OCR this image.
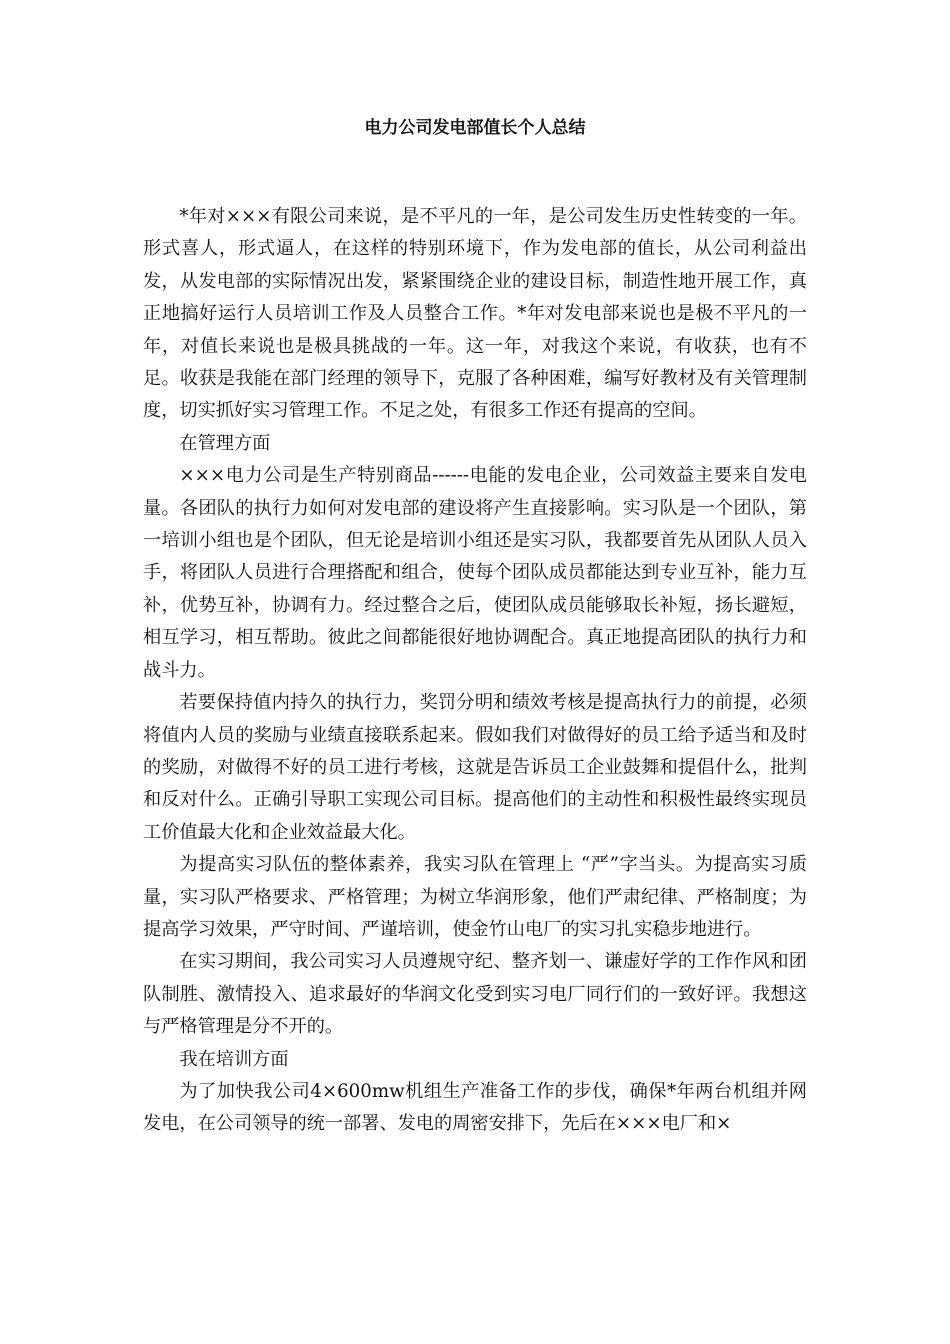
电力公司发电部值长个人总结

*年对×××有限公司来说，是不平凡的一年，是公司发生历史性转变的一年。形式喜人，形式逼人，在这样的特别环境下，作为发电部的值长，从公司利益出发，从发电部的实际情况出发，紧紧围绕企业的建设目标，制造性地开展工作，真正地搞好运行人员培训工作及人员整合工作。*年对发电部来说也是极不平凡的一年，对值长来说也是极具挑战的一年。这一年，对我这个来说，有收获，也有不足。收获是我能在部门经理的领导下，克服了各种困难，编写好教材及有关管理制度，切实抓好实习管理工作。不足之处，有很多工作还有提高的空间。

在管理方面

×××电力公司是生产特别商品------电能的发电企业，公司效益主要来自发电量。各团队的执行力如何对发电部的建设将产生直接影响。实习队是一个团队，第一培训小组也是个团队，但无论是培训小组还是实习队，我都要首先从团队人员入手，将团队人员进行合理搭配和组合，使每个团队成员都能达到专业互补，能力互补，优势互补，协调有力。经过整合之后，使团队成员能够取长补短，扬长避短，相互学习，相互帮助。彼此之间都能很好地协调配合。真正地提高团队的执行力和战斗力。

若要保持值内持久的执行力，奖罚分明和绩效考核是提高执行力的前提，必须将值内人员的奖励与业绩直接联系起来。假如我们对做得好的员工给予适当和及时的奖励，对做得不好的员工进行考核，这就是告诉员工企业鼓舞和提倡什么，批判和反对什么。正确引导职工实现公司目标。提高他们的主动性和积极性最终实现员工价值最大化和企业效益最大化。

为提高实习队伍的整体素养，我实习队在管理上 “严”字当头。为提高实习质量，实习队严格要求、严格管理；为树立华润形象，他们严肃纪律、严格制度；为提高学习效果，严守时间、严谨培训，使金竹山电厂的实习扎实稳步地进行。

在实习期间，我公司实习人员遵规守纪、整齐划一、谦虚好学的工作作风和团队制胜、激情投入、追求最好的华润文化受到实习电厂同行们的一致好评。我想这与严格管理是分不开的。

我在培训方面

为了加快我公司4×600mw机组生产准备工作的步伐，确保*年两台机组并网发电，在公司领导的统一部署、发电的周密安排下，先后在×××电厂和×
